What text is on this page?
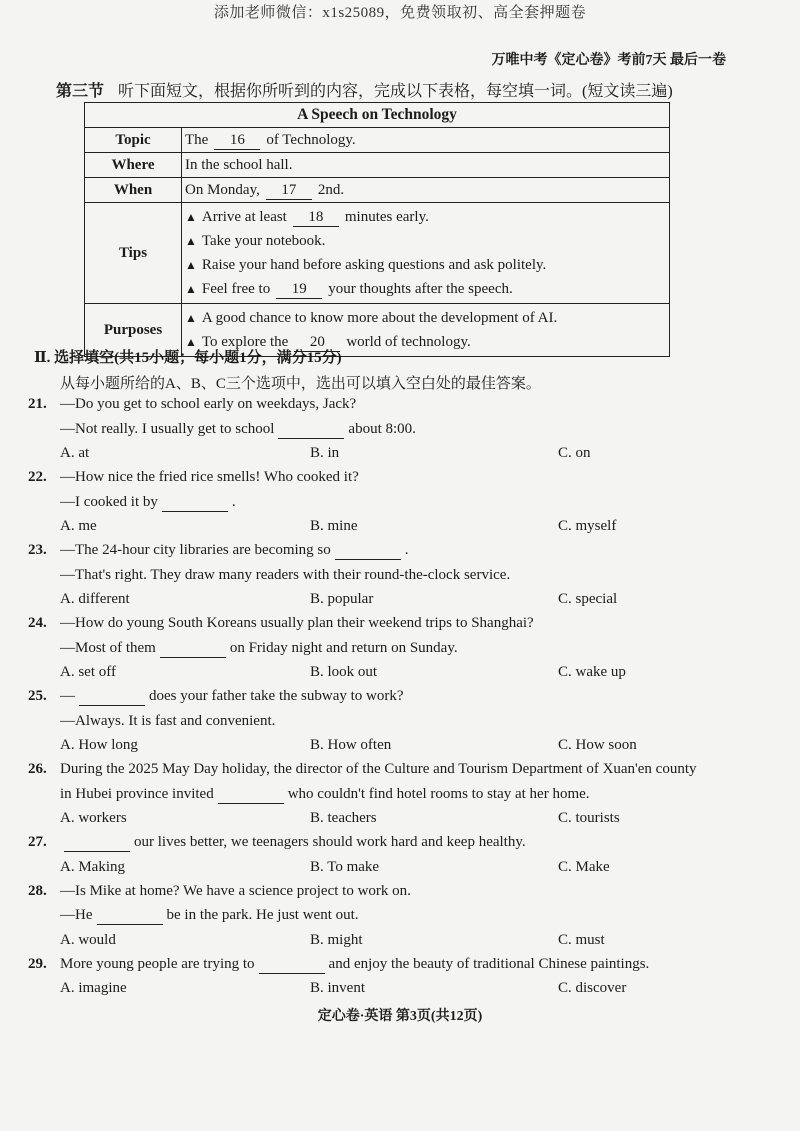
添加老师微信：x1s25089，免费领取初、高全套押题卷
万唯中考《定心卷》考前7天 最后一卷
第三节 听下面短文，根据你所听到的内容，完成以下表格，每空填一词。(短文读三遍)
A Speech on Technology	
Topic	The 16 of Technology.
Where	In the school hall.
When	On Monday, 17 2nd.
Tips	▲ Arrive at least 18 minutes early.
▲ Take your notebook.
▲ Raise your hand before asking questions and ask politely.
▲ Feel free to 19 your thoughts after the speech.

Purposes	▲ A good chance to know more about the development of AI.
▲ To explore the 20 world of technology.
Ⅱ. 选择填空(共15小题；每小题1分，满分15分)
从每小题所给的A、B、C三个选项中，选出可以填入空白处的最佳答案。
21. —Do you get to school early on weekdays, Jack?
—Not really. I usually get to school	about 8:00.
A. at	B. in	C. on
22. —How nice the fried rice smells! Who cooked it?
—I cooked it by	.
A. me	B. mine	C. myself
23. —The 24-hour city libraries are becoming so	.
—That's right. They draw many readers with their round-the-clock service.
A. different	B. popular	C. special
24. —How do young South Koreans usually plan their weekend trips to Shanghai?
—Most of them	on Friday night and return on Sunday.
A. set off	B. look out	C. wake up
25. —	does your father take the subway to work?
—Always. It is fast and convenient.
A. How long	B. How often	C. How soon
26. During the 2025 May Day holiday, the director of the Culture and Tourism Department of Xuan'en county
in Hubei province invited	who couldn't find hotel rooms to stay at her home.
A. workers	B. teachers	C. tourists
27.	our lives better, we teenagers should work hard and keep healthy.
A. Making	B. To make	C. Make
28. —Is Mike at home? We have a science project to work on.
—He	be in the park. He just went out.
A. would	B. might	C. must
29. More young people are trying to	and enjoy the beauty of traditional Chinese paintings.
A. imagine	B. invent	C. discover
定心卷·英语 第3页(共12页)
